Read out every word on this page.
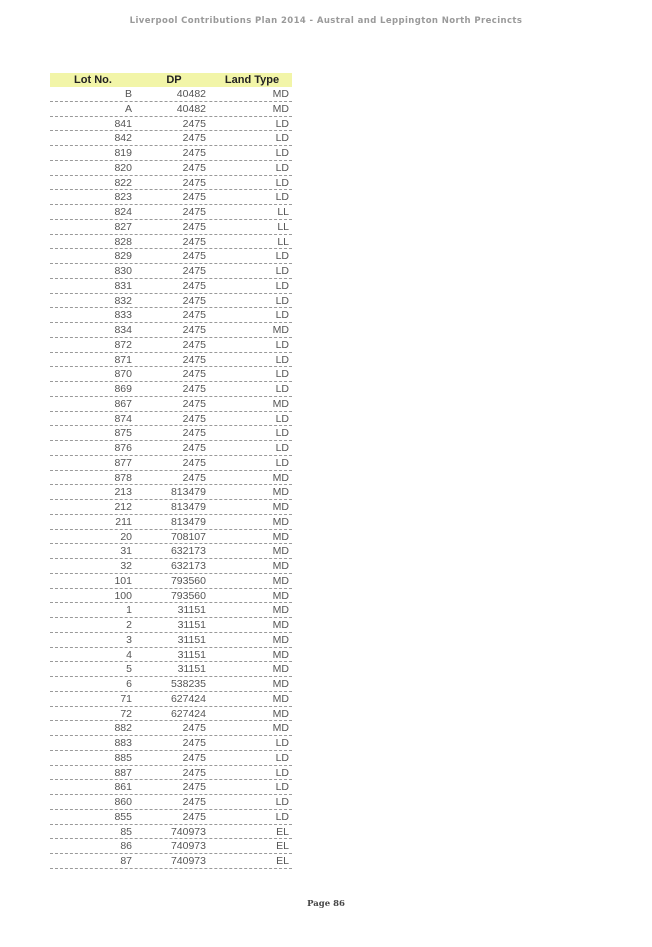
Liverpool Contributions Plan 2014 - Austral and Leppington North Precincts
Lot No.	DP	Land Type
B	40482	MD
A	40482	MD
841	2475	LD
842	2475	LD
819	2475	LD
820	2475	LD
822	2475	LD
823	2475	LD
824	2475	LL
827	2475	LL
828	2475	LL
829	2475	LD
830	2475	LD
831	2475	LD
832	2475	LD
833	2475	LD
834	2475	MD
872	2475	LD
871	2475	LD
870	2475	LD
869	2475	LD
867	2475	MD
874	2475	LD
875	2475	LD
876	2475	LD
877	2475	LD
878	2475	MD
213	813479	MD
212	813479	MD
211	813479	MD
20	708107	MD
31	632173	MD
32	632173	MD
101	793560	MD
100	793560	MD
1	31151	MD
2	31151	MD
3	31151	MD
4	31151	MD
5	31151	MD
6	538235	MD
71	627424	MD
72	627424	MD
882	2475	MD
883	2475	LD
885	2475	LD
887	2475	LD
861	2475	LD
860	2475	LD
855	2475	LD
85	740973	EL
86	740973	EL
87	740973	EL
Page 86
